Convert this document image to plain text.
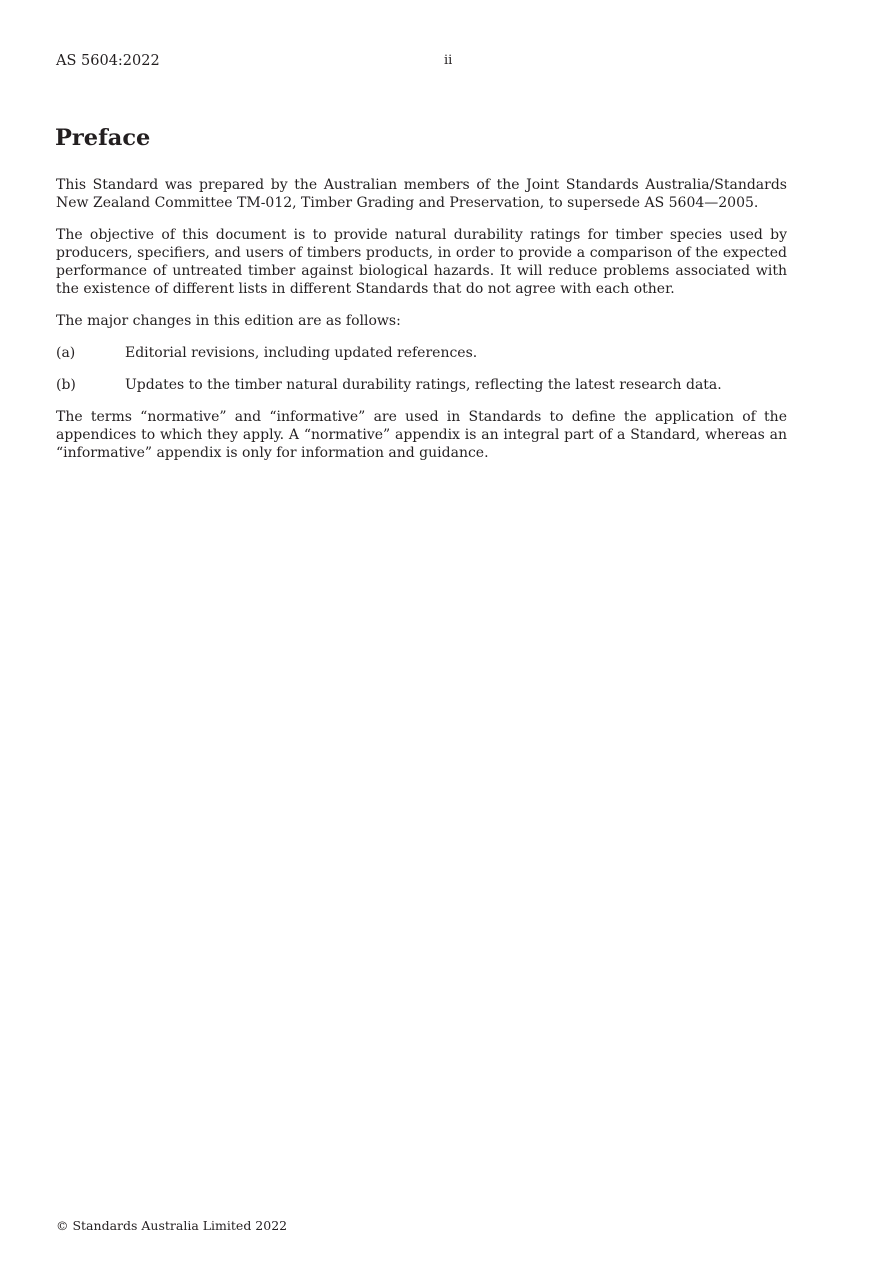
AS 5604:2022	ii
Preface

This Standard was prepared by the Australian members of the Joint Standards Australia/Standards New Zealand Committee TM-012, Timber Grading and Preservation, to supersede AS 5604—2005.

The objective of this document is to provide natural durability ratings for timber species used by producers, specifiers, and users of timbers products, in order to provide a comparison of the expected performance of untreated timber against biological hazards. It will reduce problems associated with the existence of different lists in different Standards that do not agree with each other.

The major changes in this edition are as follows:

(a)	Editorial revisions, including updated references.
(b)	Updates to the timber natural durability ratings, reflecting the latest research data.

The terms “normative” and “informative” are used in Standards to define the application of the appendices to which they apply. A “normative” appendix is an integral part of a Standard, whereas an “informative” appendix is only for information and guidance.

© Standards Australia Limited 2022
